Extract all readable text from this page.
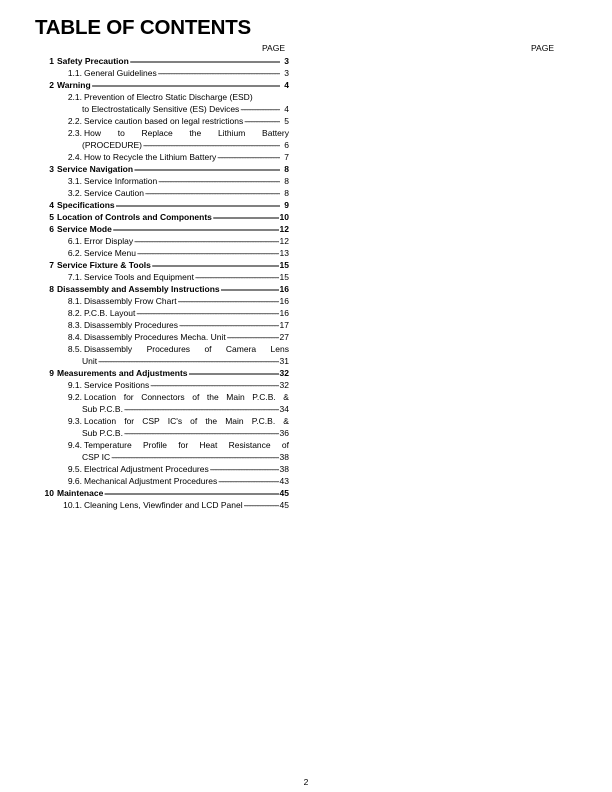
TABLE OF CONTENTS
PAGE	PAGE
1 Safety Precaution -----	3
1.1. General Guidelines -----	3
2 Warning -----	4
2.1. Prevention of Electro Static Discharge (ESD)
to Electrostatically Sensitive (ES) Devices -----	4
2.2. Service caution based on legal restrictions -----	5
2.3. How to Replace the Lithium Battery
(PROCEDURE) -----	6
2.4. How to Recycle the Lithium Battery -----	7
3 Service Navigation -----	8
3.1. Service Information -----	8
3.2. Service Caution -----	8
4 Specifications -----	9
5 Location of Controls and Components -----	10
6 Service Mode -----	12
6.1. Error Display -----	12
6.2. Service Menu -----	13
7 Service Fixture & Tools -----	15
7.1. Service Tools and Equipment -----	15
8 Disassembly and Assembly Instructions -----	16
8.1. Disassembly Frow Chart -----	16
8.2. P.C.B. Layout -----	16
8.3. Disassembly Procedures -----	17
8.4. Disassembly Procedures Mecha. Unit -----	27
8.5. Disassembly Procedures of Camera Lens
Unit -----	31
9 Measurements and Adjustments -----	32
9.1. Service Positions -----	32
9.2. Location for Connectors of the Main P.C.B. &
Sub P.C.B. -----	34
9.3. Location for CSP IC's of the Main P.C.B. &
Sub P.C.B. -----	36
9.4. Temperature Profile for Heat Resistance of
CSP IC -----	38
9.5. Electrical Adjustment Procedures -----	38
9.6. Mechanical Adjustment Procedures -----	43
10 Maintenace -----	45
10.1. Cleaning Lens, Viewfinder and LCD Panel -----	45
2
